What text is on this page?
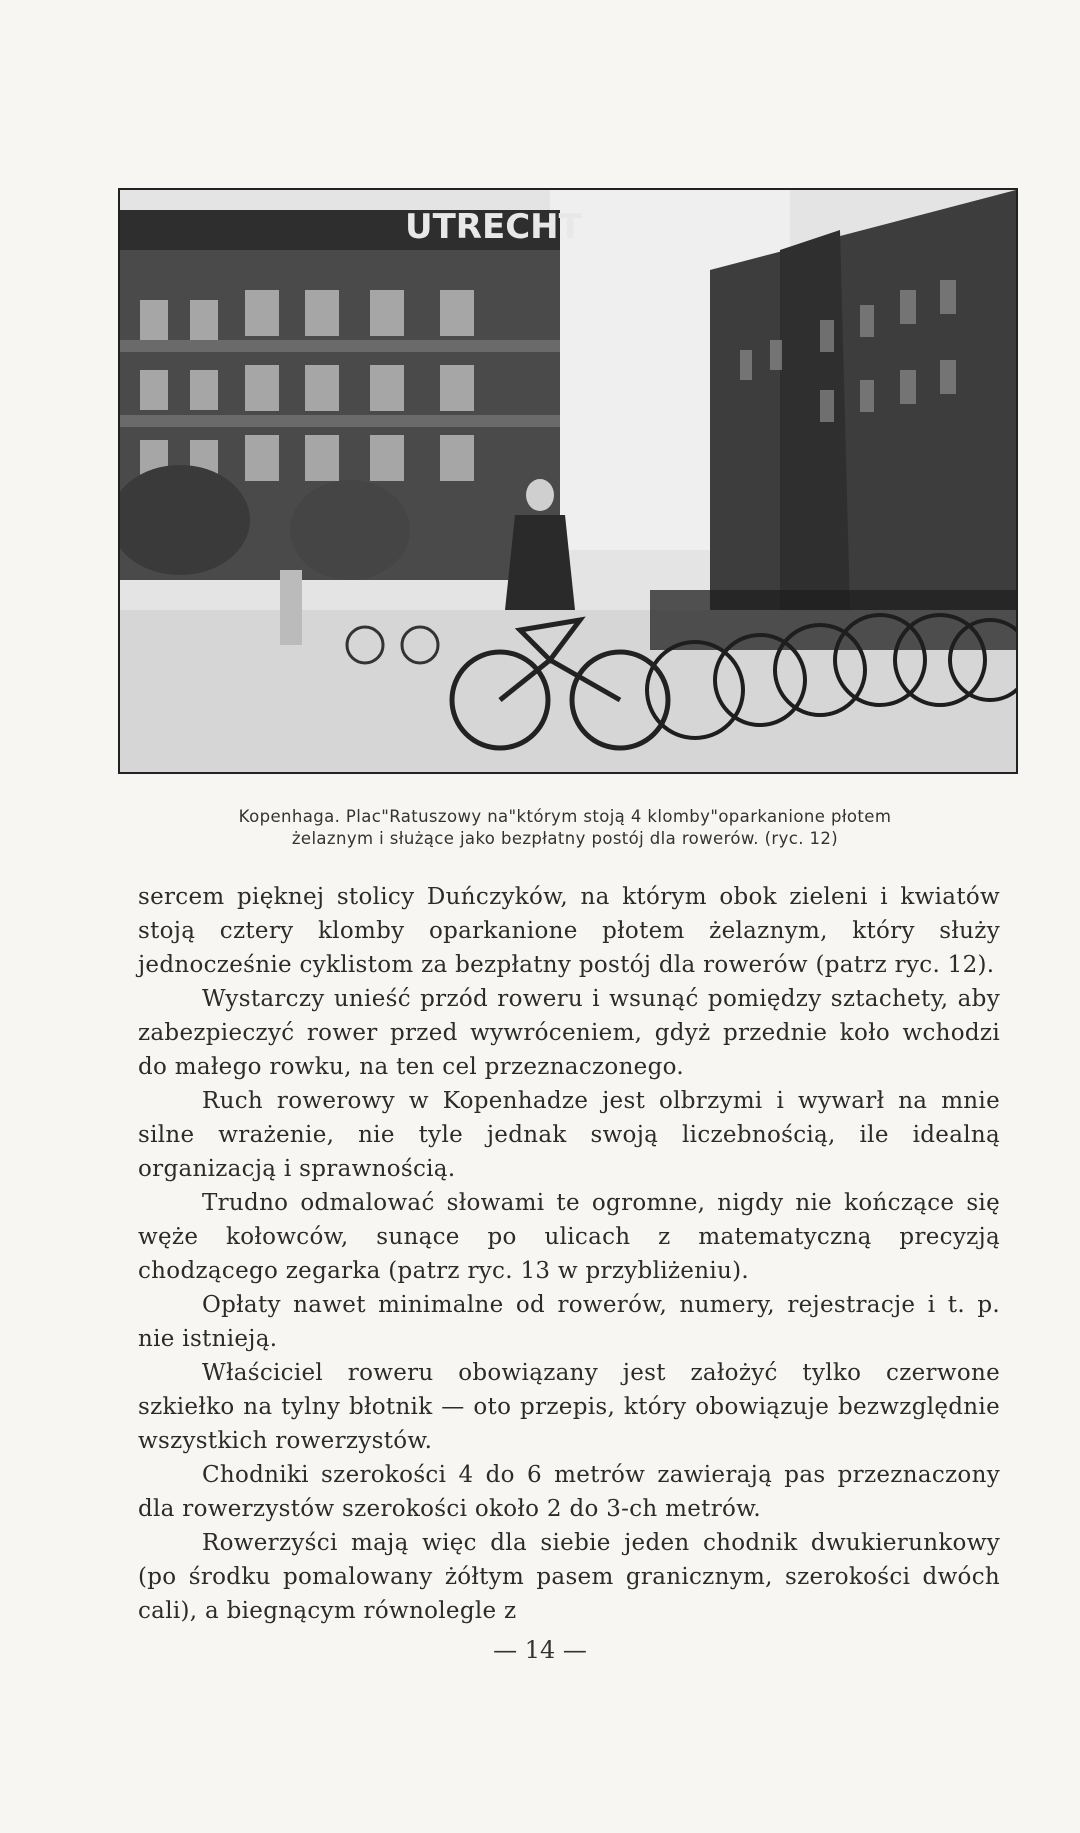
UTRECHT
Kopenhaga. Plac"Ratuszowy na"którym stoją 4 klomby"oparkanione płotem
żelaznym i służące jako bezpłatny postój dla rowerów. (ryc. 12)

sercem pięknej stolicy Duńczyków, na którym obok zieleni i kwiatów stoją cztery klomby oparkanione płotem żelaznym, który służy jednocześnie cyklistom za bezpłatny postój dla rowerów (patrz ryc. 12).

Wystarczy unieść przód roweru i wsunąć pomiędzy sztachety, aby zabezpieczyć rower przed wywróceniem, gdyż przednie koło wchodzi do małego rowku, na ten cel przeznaczonego.

Ruch rowerowy w Kopenhadze jest olbrzymi i wywarł na mnie silne wrażenie, nie tyle jednak swoją liczebnością, ile idealną organizacją i sprawnością.

Trudno odmalować słowami te ogromne, nigdy nie kończące się węże kołowców, sunące po ulicach z matematyczną precyzją chodzącego zegarka (patrz ryc. 13 w przybliżeniu).

Opłaty nawet minimalne od rowerów, numery, rejestracje i t. p. nie istnieją.

Właściciel roweru obowiązany jest założyć tylko czerwone szkiełko na tylny błotnik — oto przepis, który obowiązuje bezwzględnie wszystkich rowerzystów.

Chodniki szerokości 4 do 6 metrów zawierają pas przeznaczony dla rowerzystów szerokości około 2 do 3-ch metrów.

Rowerzyści mają więc dla siebie jeden chodnik dwukierunkowy (po środku pomalowany żółtym pasem granicznym, szerokości dwóch cali), a biegnącym równolegle z

— 14 —
